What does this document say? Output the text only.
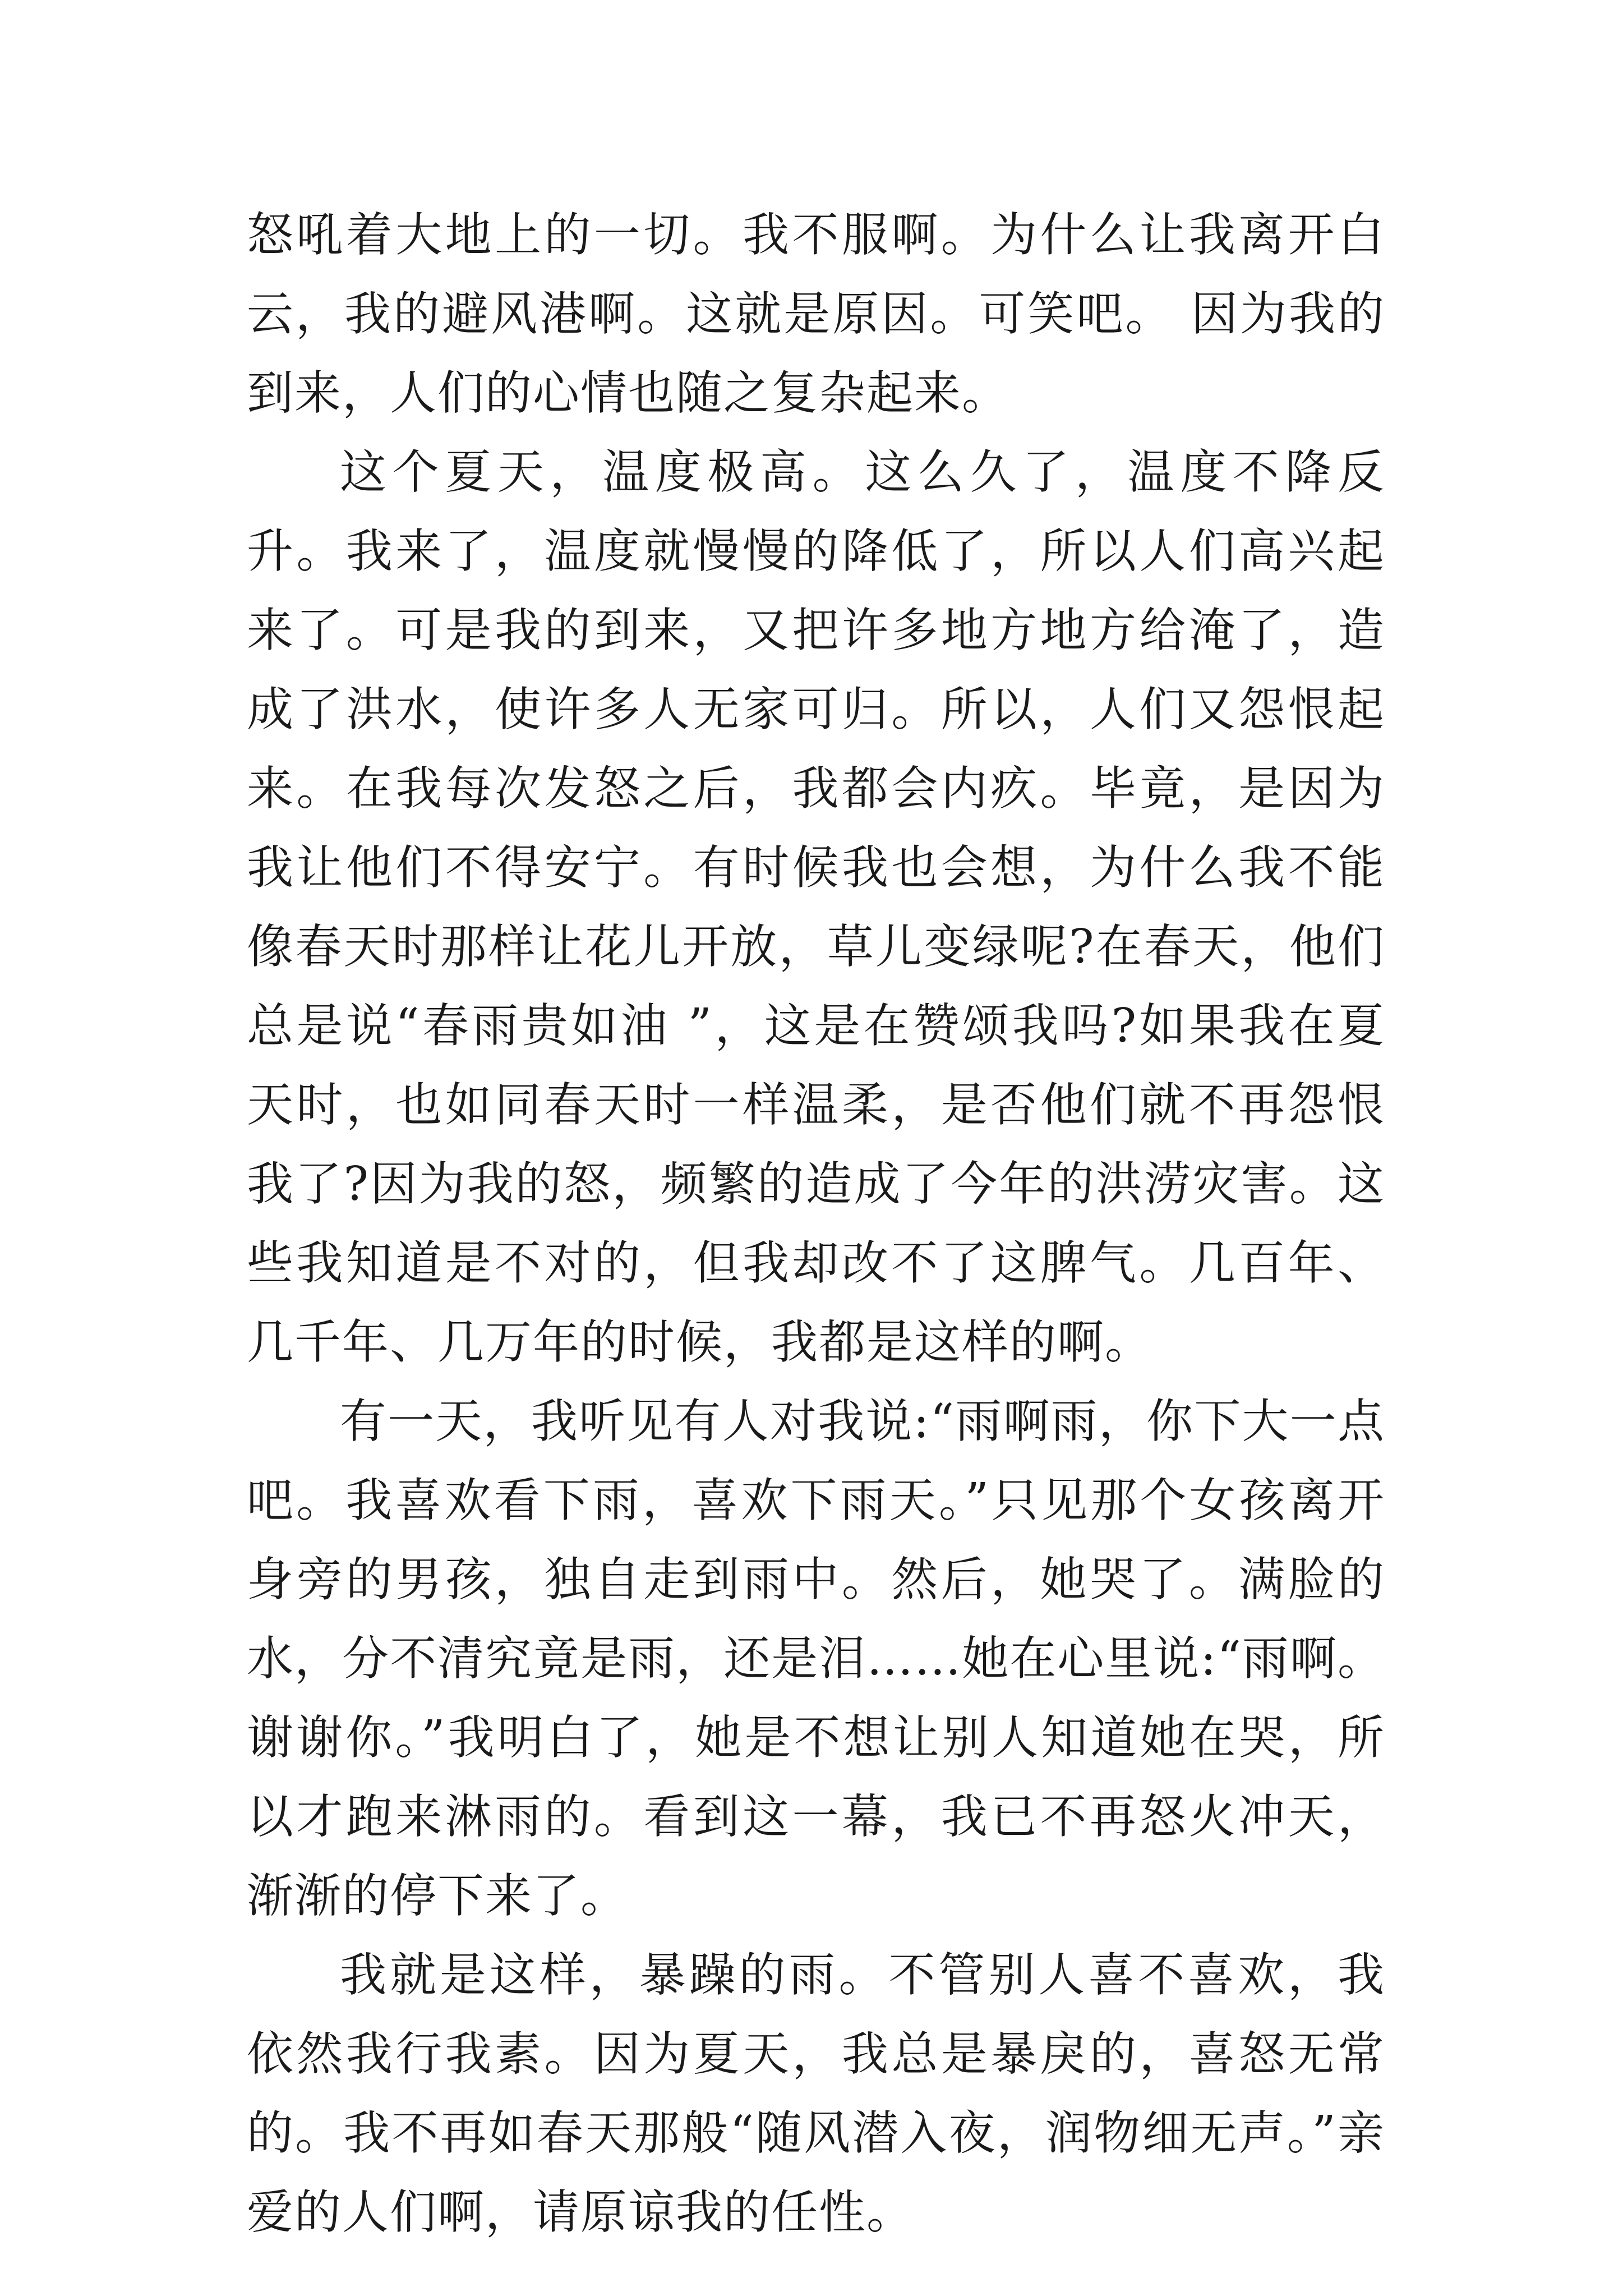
怒吼着大地上的一切。我不服啊。为什么让我离开白云，我的避风港啊。这就是原因。可笑吧。 因为我的到来，人们的心情也随之复杂起来。

这个夏天，温度极高。这么久了，温度不降反升。我来了，温度就慢慢的降低了，所以人们高兴起来了。可是我的到来，又把许多地方地方给淹了，造成了洪水，使许多人无家可归。所以，人们又怨恨起来。在我每次发怒之后，我都会内疚。毕竟，是因为我让他们不得安宁。有时候我也会想，为什么我不能像春天时那样让花儿开放，草儿变绿呢?在春天，他们总是说“春雨贵如油 ”，这是在赞颂我吗?如果我在夏天时，也如同春天时一样温柔，是否他们就不再怨恨我了?因为我的怒，频繁的造成了今年的洪涝灾害。这些我知道是不对的，但我却改不了这脾气。几百年、几千年、几万年的时候，我都是这样的啊。

有一天，我听见有人对我说:“雨啊雨，你下大一点吧。我喜欢看下雨，喜欢下雨天。”只见那个女孩离开身旁的男孩，独自走到雨中。然后，她哭了。满脸的水，分不清究竟是雨，还是泪……她在心里说:“雨啊。谢谢你。”我明白了，她是不想让别人知道她在哭，所以才跑来淋雨的。看到这一幕，我已不再怒火冲天，渐渐的停下来了。

我就是这样，暴躁的雨。不管别人喜不喜欢，我依然我行我素。因为夏天，我总是暴戾的，喜怒无常的。我不再如春天那般“随风潜入夜，润物细无声。”亲爱的人们啊，请原谅我的任性。
